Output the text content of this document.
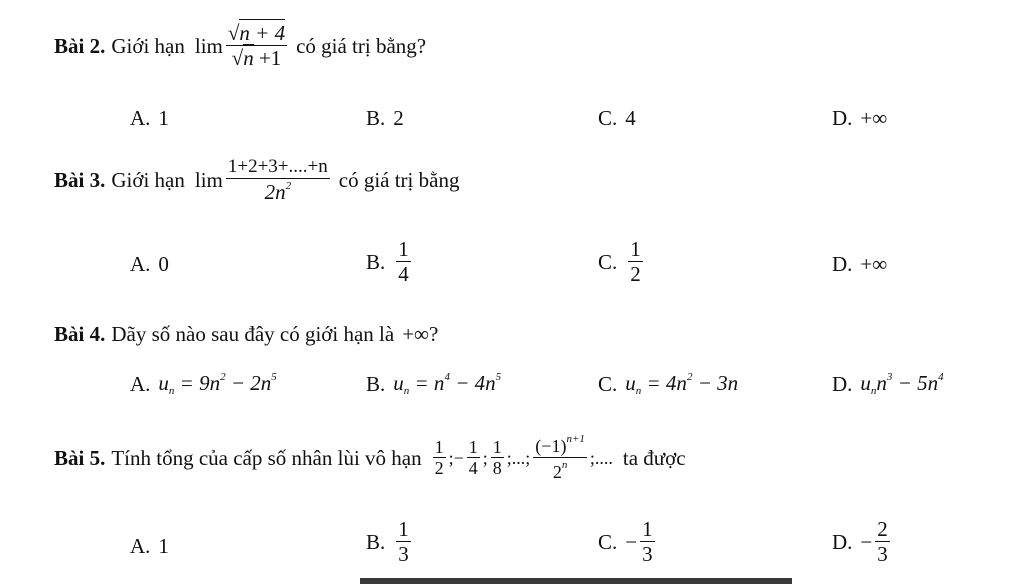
Bài 2. Giới hạn $\lim \frac{√n + 4}{√n +1}$ có giá trị bằng?
A. 1	B. 2	C. 4	D. +∞
Bài 3. Giới hạn $\lim \frac{1+2+3+....+n}{2n^2}$ có giá trị bằng
A. 0	B. $\frac{1}{4}$	C. $\frac{1}{2}$	D. +∞
Bài 4. Dãy số nào sau đây có giới hạn là +∞ ?
A. $u_n = 9n^2 - 2n^5$	B. $u_n = n^4 - 4n^5$	C. $u_n = 4n^2 - 3n$	D. $u_nn^3 - 5n^4$
Bài 5. Tính tổng của cấp số nhân lùi vô hạn $\frac{1}{2}$ ;− $\frac{1}{4}$ ; $\frac{1}{8}$ ;...; $\frac{(-1)^{n+1}}{2^n}$ ;.... ta được
A. 1	B. $\frac{1}{3}$	C. − $\frac{1}{3}$	D. − $\frac{2}{3}$
